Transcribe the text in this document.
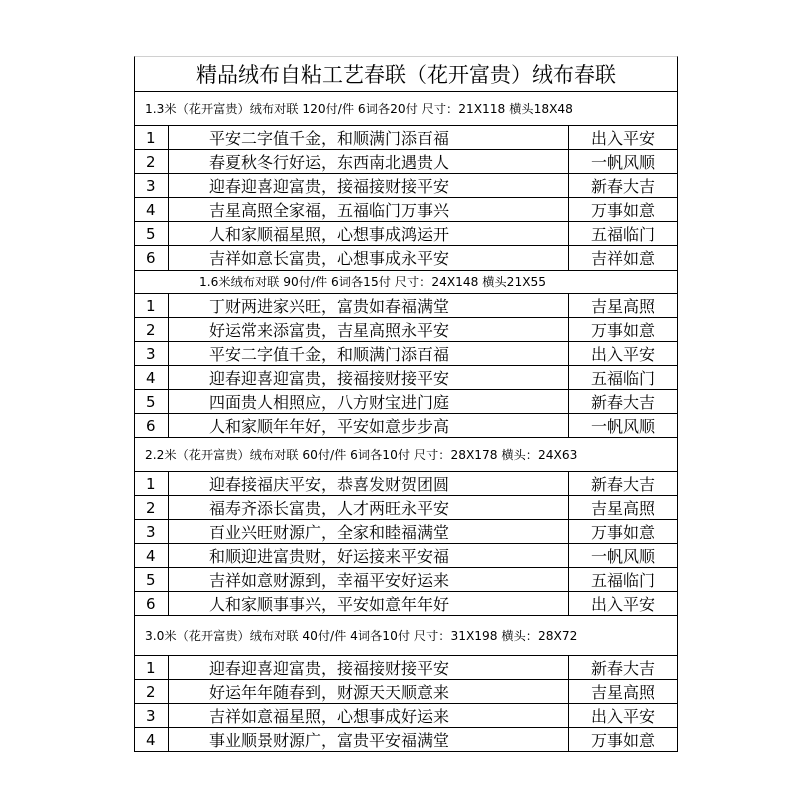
精品绒布自粘工艺春联（花开富贵）绒布春联
1.3米（花开富贵）绒布对联 120付/件 6词各20付 尺寸：21X118 横头18X48
1	平安二字值千金，和顺满门添百福	出入平安
2	春夏秋冬行好运，东西南北遇贵人	一帆风顺
3	迎春迎喜迎富贵，接福接财接平安	新春大吉
4	吉星高照全家福，五福临门万事兴	万事如意
5	人和家顺福星照，心想事成鸿运开	五福临门
6	吉祥如意长富贵，心想事成永平安	吉祥如意
1.6米绒布对联 90付/件 6词各15付 尺寸：24X148 横头21X55
1	丁财两进家兴旺，富贵如春福满堂	吉星高照
2	好运常来添富贵，吉星高照永平安	万事如意
3	平安二字值千金，和顺满门添百福	出入平安
4	迎春迎喜迎富贵，接福接财接平安	五福临门
5	四面贵人相照应，八方财宝进门庭	新春大吉
6	人和家顺年年好，平安如意步步高	一帆风顺
2.2米（花开富贵）绒布对联 60付/件 6词各10付 尺寸：28X178 横头：24X63
1	迎春接福庆平安，恭喜发财贺团圆	新春大吉
2	福寿齐添长富贵，人才两旺永平安	吉星高照
3	百业兴旺财源广，全家和睦福满堂	万事如意
4	和顺迎进富贵财，好运接来平安福	一帆风顺
5	吉祥如意财源到，幸福平安好运来	五福临门
6	人和家顺事事兴，平安如意年年好	出入平安
3.0米（花开富贵）绒布对联 40付/件 4词各10付 尺寸：31X198 横头：28X72
1	迎春迎喜迎富贵，接福接财接平安	新春大吉
2	好运年年随春到，财源天天顺意来	吉星高照
3	吉祥如意福星照，心想事成好运来	出入平安
4	事业顺景财源广，富贵平安福满堂	万事如意
